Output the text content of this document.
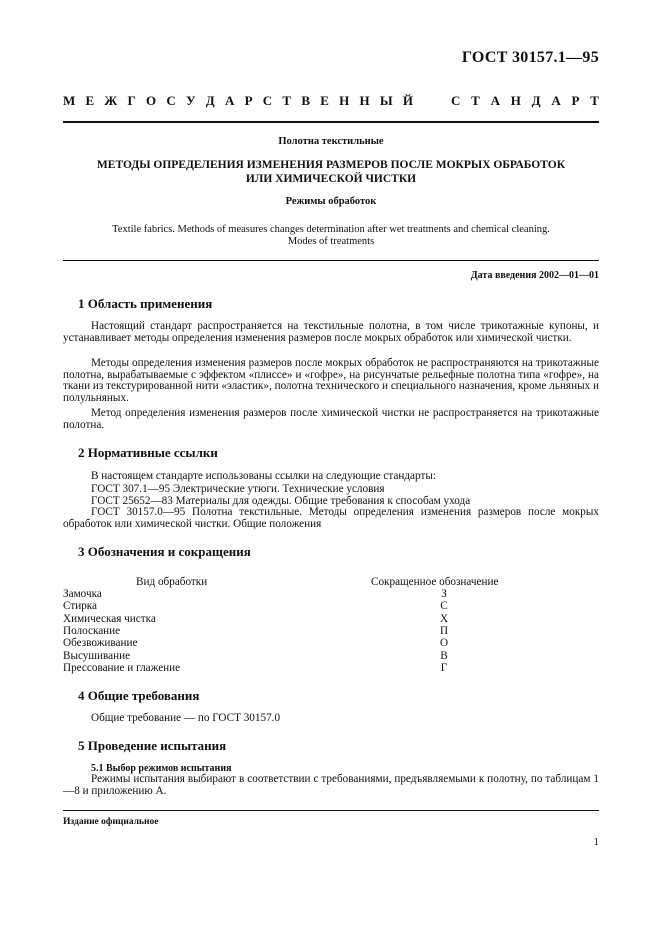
ГОСТ 30157.1—95
М Е Ж Г О С У Д А Р С Т В Е Н Н Ы Й	С Т А Н Д А Р Т
Полотна текстильные
МЕТОДЫ ОПРЕДЕЛЕНИЯ ИЗМЕНЕНИЯ РАЗМЕРОВ ПОСЛЕ МОКРЫХ ОБРАБОТОК
ИЛИ ХИМИЧЕСКОЙ ЧИСТКИ
Режимы обработок
Textile fabrics. Methods of measures changes determination after wet treatments and chemical cleaning.
Modes of treatments
Дата введения 2002—01—01
1 Область применения
Настоящий стандарт распространяется на текстильные полотна, в том числе трикотажные купоны, и устанавливает методы определения изменения размеров после мокрых обработок или химической чистки.
Методы определения изменения размеров после мокрых обработок не распространяются на трикотажные полотна, вырабатываемые с эффектом «плиссе» и «гофре», на рисунчатые рельефные полотна типа «гофре», на ткани из текстурированной нити «эластик», полотна технического и специального назначения, кроме льняных и полульняных.
Метод определения изменения размеров после химической чистки не распространяется на трикотажные полотна.
2 Нормативные ссылки
В настоящем стандарте использованы ссылки на следующие стандарты:
ГОСТ 307.1—95 Электрические утюги. Технические условия
ГОСТ 25652—83 Материалы для одежды. Общие требования к способам ухода
ГОСТ 30157.0—95 Полотна текстильные. Методы определения изменения размеров после мокрых обработок или химической чистки. Общие положения
3 Обозначения и сокращения
Вид обработки	Сокращенное обозначение
Замочка	З
Стирка	С
Химическая чистка	Х
Полоскание	П
Обезвоживание	О
Высушивание	В
Прессование и глажение	Г
4 Общие требования
Общие требование — по ГОСТ 30157.0
5 Проведение испытания
5.1 Выбор режимов испытания
Режимы испытания выбирают в соответствии с требованиями, предъявляемыми к полотну, по таблицам 1—8 и приложению А.
Издание официальное
1
